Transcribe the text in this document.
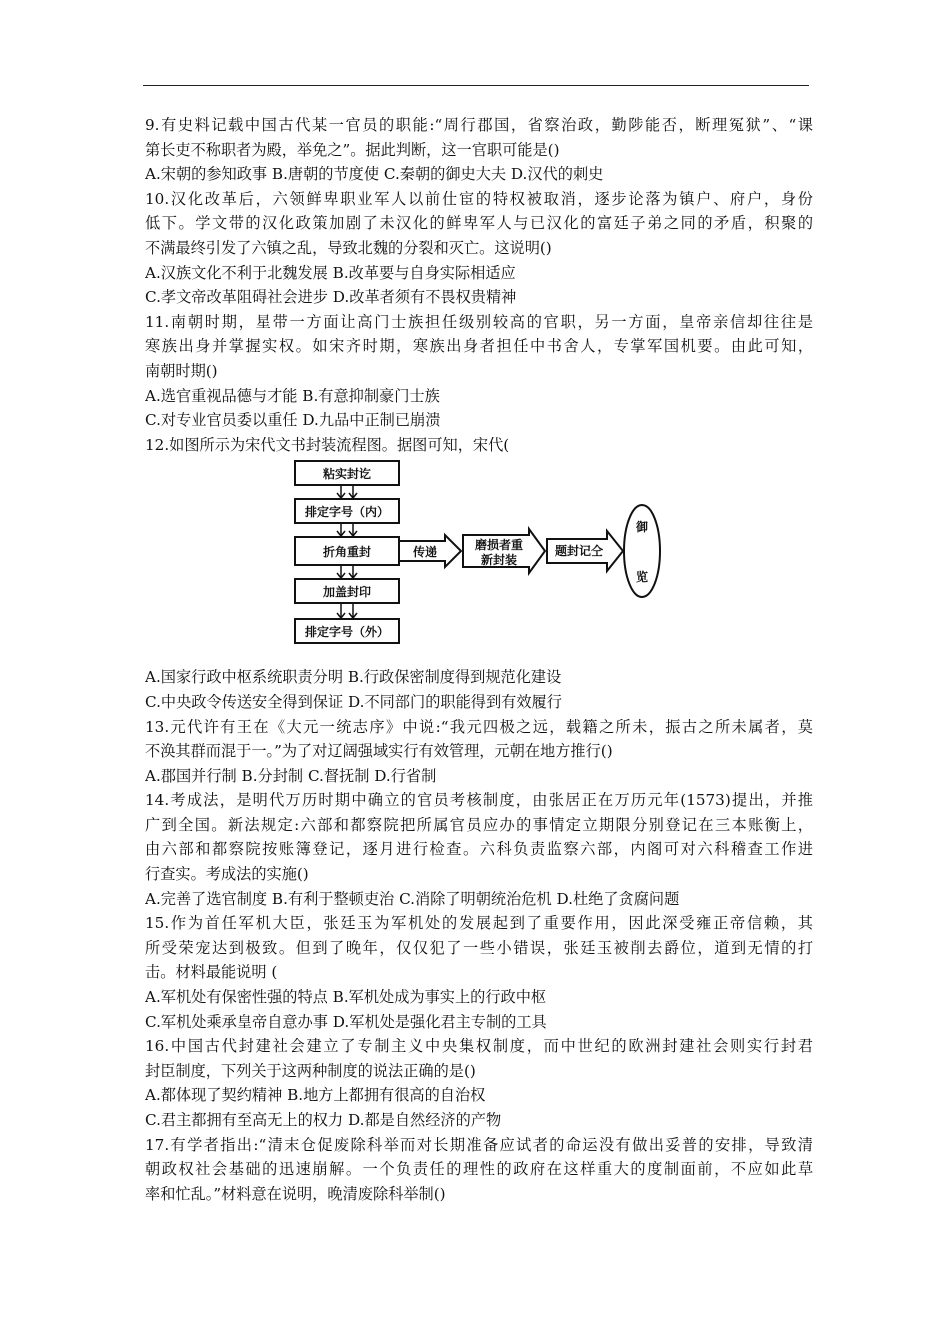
9.有史料记载中国古代某一官员的职能:“周行郡国，省察治政，勤陟能否，断理冤狱”、“课
第长吏不称职者为殿，举免之”。据此判断，这一官职可能是()
A.宋朝的参知政事 B.唐朝的节度使 C.秦朝的御史大夫 D.汉代的刺史
10.汉化改革后，六领鲜卑职业军人以前仕宦的特权被取消，逐步论落为镇户、府户，身份
低下。学文带的汉化政策加剧了未汉化的鲜卑军人与已汉化的富廷子弟之同的矛盾，积聚的
不满最终引发了六镇之乱，导致北魏的分裂和灭亡。这说明()
A.汉族文化不利于北魏发展 B.改革要与自身实际相适应
C.孝文帝改革阻碍社会进步 D.改革者须有不畏权贵精神
11.南朝时期，星带一方面让高门士族担任级别较高的官职，另一方面，皇帝亲信却往往是
寒族出身并掌握实权。如宋齐时期，寒族出身者担任中书舍人，专掌军国机要。由此可知，
南朝时期()
A.选官重视品德与才能 B.有意抑制豪门士族
C.对专业官员委以重任 D.九品中正制已崩溃
12.如图所示为宋代文书封装流程图。据图可知，宋代(
粘实封讫
排定字号（内）
折角重封
加盖封印
排定字号（外）
传递	磨损者重
新封装
题封记仝
御
览
A.国家行政中枢系统职责分明 B.行政保密制度得到规范化建设
C.中央政令传送安全得到保证 D.不同部门的职能得到有效履行
13.元代许有王在《大元一统志序》中说:“我元四极之远，载籍之所未，振古之所未属者，莫
不涣其群而混于一。”为了对辽阔强域实行有效管理，元朝在地方推行()
A.郡国并行制 B.分封制 C.督抚制 D.行省制
14.考成法，是明代万历时期中确立的官员考核制度，由张居正在万历元年(1573)提出，并推
广到全国。新法规定:六部和都察院把所属官员应办的事情定立期限分别登记在三本账衡上，
由六部和都察院按账簿登记，逐月进行检查。六科负责监察六部，内阁可对六科稽查工作进
行查实。考成法的实施()
A.完善了选官制度 B.有利于整顿吏治 C.消除了明朝统治危机 D.杜绝了贪腐问题
15.作为首任军机大臣，张廷玉为军机处的发展起到了重要作用，因此深受雍正帝信赖，其
所受荣宠达到极致。但到了晚年，仅仅犯了一些小错误，张廷玉被削去爵位，道到无情的打
击。材料最能说明 (
A.军机处有保密性强的特点 B.军机处成为事实上的行政中枢
C.军机处乘承皇帝自意办事 D.军机处是强化君主专制的工具
16.中国古代封建社会建立了专制主义中央集权制度，而中世纪的欧洲封建社会则实行封君
封臣制度，下列关于这两种制度的说法正确的是()
A.都体现了契约精神 B.地方上都拥有很高的自治权
C.君主都拥有至高无上的权力 D.都是自然经济的产物
17.有学者指出:“清末仓促废除科举而对长期准备应试者的命运没有做出妥普的安排，导致清
朝政权社会基础的迅速崩解。一个负责任的理性的政府在这样重大的度制面前，不应如此草
率和忙乱。”材料意在说明，晚清废除科举制()
